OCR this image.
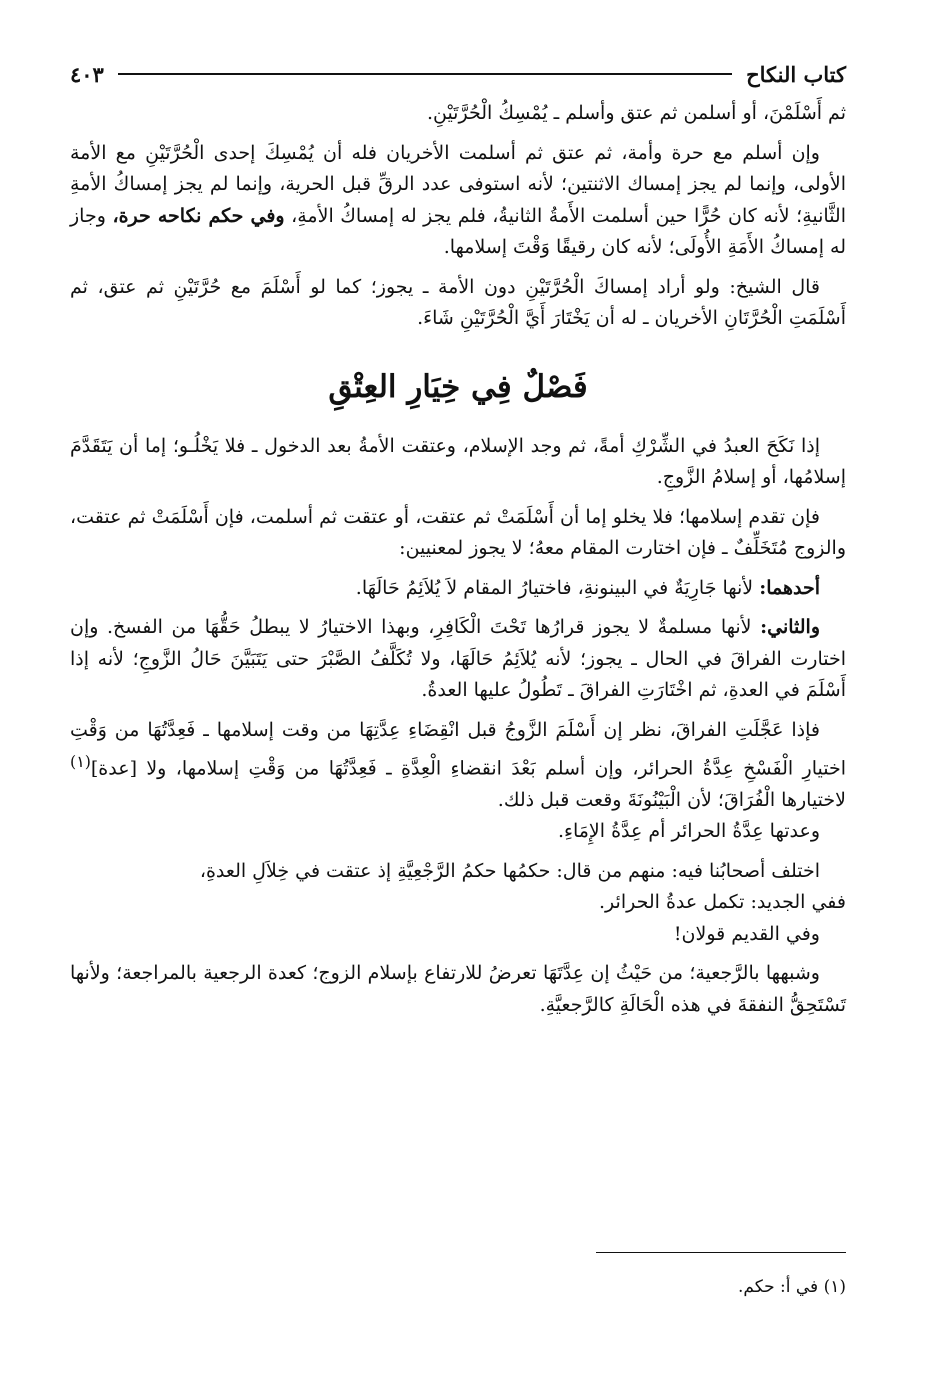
كتاب النكاح
٤٠٣

ثم أَسْلَمْنَ، أو أسلمن ثم عتق وأسلم ـ يُمْسِكُ الْحُرَّتَيْنِ.

وإن أسلم مع حرة وأمة، ثم عتق ثم أسلمت الأخريان فله أن يُمْسِكَ إحدى الْحُرَّتَيْنِ مع الأمة الأولى، وإنما لم يجز إمساك الاثنتين؛ لأنه استوفى عدد الرقِّ قبل الحرية، وإنما لم يجز إمساكُ الأمةِ الثَّانيةِ؛ لأنه كان حُرًّا حين أسلمت الأَمةُ الثانيةُ، فلم يجز له إمساكُ الأمةِ، وفي حكم نكاحه حرة، وجاز له إمساكُ الأَمَةِ الأُولَى؛ لأنه كان رقيقًا وَقْتَ إسلامها.

قال الشيخ: ولو أراد إمساكَ الْحُرَّتَيْنِ دون الأمة ـ يجوز؛ كما لو أَسْلَمَ مع حُرَّتَيْنِ ثم عتق، ثم أَسْلَمَتِ الْحُرَّتَانِ الأخريان ـ له أن يَخْتَارَ أَيَّ الْحُرَّتَيْنِ شَاءَ.

فَصْلٌ فِي خِيَارِ العِتْقِ

إذا نَكَحَ العبدُ في الشِّرْكِ أمةً، ثم وجد الإسلام، وعتقت الأمةُ بعد الدخول ـ فلا يَخْلُـو؛ إما أن يَتَقَدَّمَ إسلامُها، أو إسلامُ الزَّوجِ.

فإن تقدم إسلامها؛ فلا يخلو إما أن أَسْلَمَتْ ثم عتقت، أو عتقت ثم أسلمت، فإن أَسْلَمَتْ ثم عتقت، والزوج مُتَخَلِّفٌ ـ فإن اختارت المقام معهُ؛ لا يجوز لمعنيين:

أحدهما: لأنها جَارِيَةٌ في البينونةِ، فاختيارُ المقام لاَ يُلاَئِمُ حَالَهَا.

والثاني: لأنها مسلمةٌ لا يجوز قرارُها تَحْتَ الْكَافِرِ، وبهذا الاختيارُ لا يبطلُ حَقُّهَا من الفسخ. وإن اختارت الفراقَ في الحال ـ يجوز؛ لأنه يُلاَئِمُ حَالَهَا، ولا تُكَلَّفُ الصَّبْرَ حتى يَتَبَيَّنَ حَالُ الزَّوجِ؛ لأنه إذا أَسْلَمَ في العدةِ، ثم اخْتَارَتِ الفراقَ ـ تَطُولُ عليها العدةُ.

فإذا عَجَّلَتِ الفراقَ، نظر إن أَسْلَمَ الزَّوجُ قبل انْقِضَاءِ عِدَّتِهَا من وقت إسلامها ـ فَعِدَّتُهَا من وَقْتِ اختيارِ الْفَسْخِ عِدَّةُ الحرائر، وإن أسلم بَعْدَ انقضاءِ الْعِدَّةِ ـ فَعِدَّتُهَا من وَقْتِ إسلامها، ولا [عدة]$^{(١)}$ لاختيارها الْفُرَاقَ؛ لأن الْبَيْنُونَةَ وقعت قبل ذلك.

وعدتها عِدَّةُ الحرائر أم عِدَّةُ الإِمَاءِ.

اختلف أصحابُنا فيه: منهم من قال: حكمُها حكمُ الرَّجْعِيَّةِ إذ عتقت في خِلاَلِ العدةِ،

ففي الجديد: تكمل عدةُ الحرائر.

وفي القديم قولان!

وشبهها بالرَّجعية؛ من حَيْثُ إن عِدَّتَهَا تعرضُ للارتفاع بإسلام الزوج؛ كعدة الرجعية بالمراجعة؛ ولأنها تَسْتَحِقُّ النفقةَ في هذه الْحَالَةِ كالرَّجعيَّةِ.

(١) في أ: حكم.
